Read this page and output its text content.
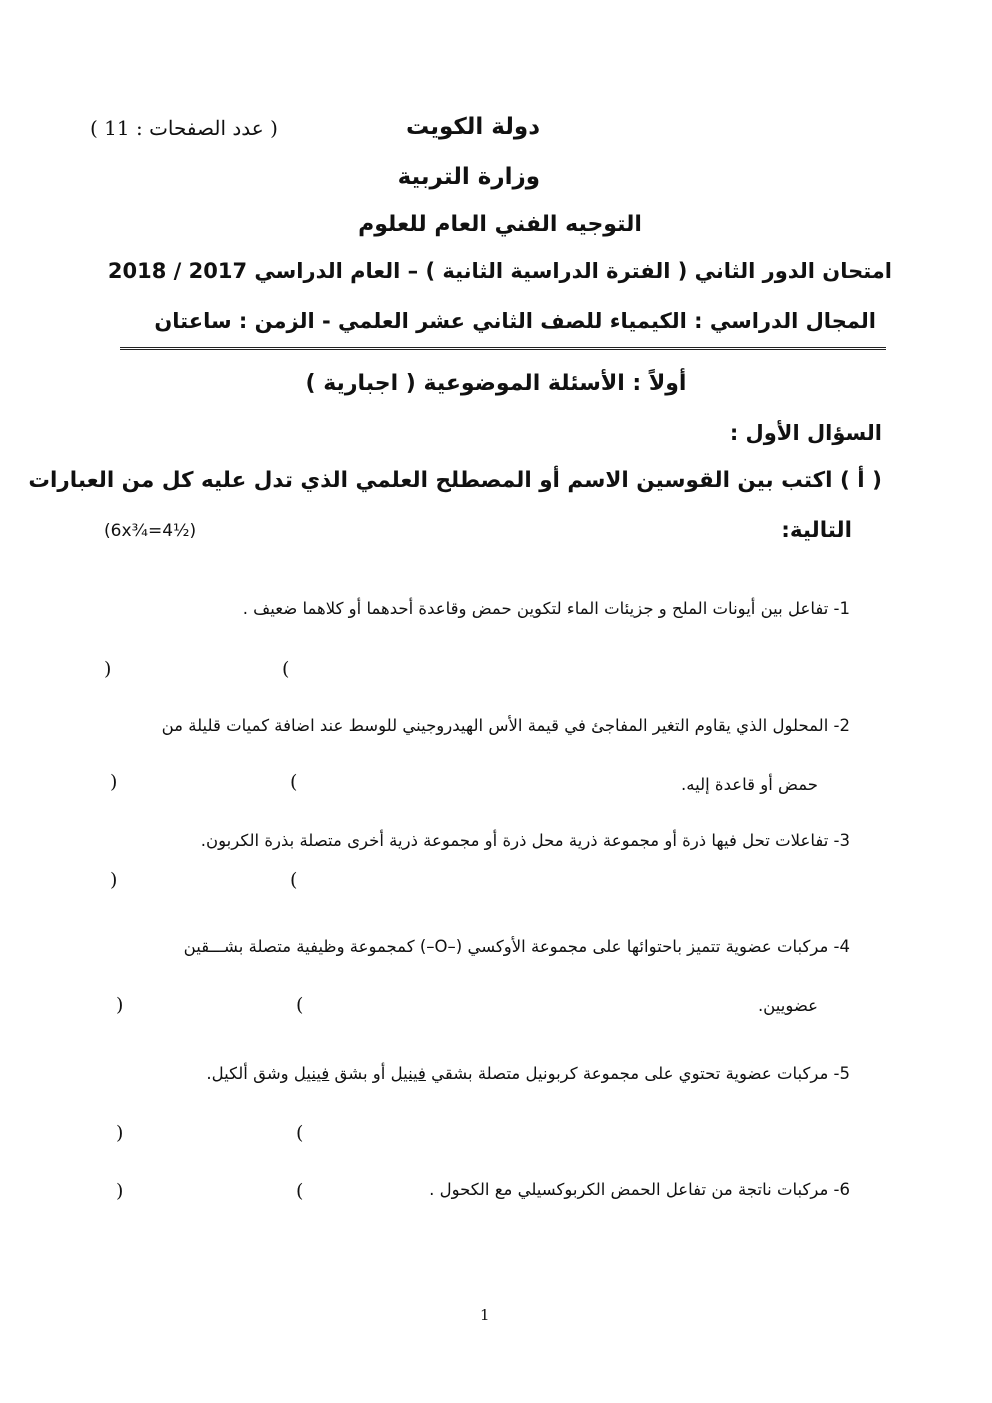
دولة الكويت
( عدد الصفحات : 11 )
وزارة التربية
التوجيه الفني العام للعلوم
امتحان الدور الثاني ( الفترة الدراسية الثانية ) – العام الدراسي 2017 / 2018
المجال الدراسي : الكيمياء للصف الثاني عشر العلمي - الزمن : ساعتان
أولاً : الأسئلة الموضوعية ( اجبارية )
السؤال الأول :
( أ ) اكتب بين القوسين الاسم أو المصطلح العلمي الذي تدل عليه كل من العبارات
التالية:
(6x¾=4½)
1- تفاعل بين أيونات الملح و جزيئات الماء لتكوين حمض وقاعدة أحدهما أو كلاهما ضعيف .
(
)
2- المحلول الذي يقاوم التغير المفاجئ في قيمة الأس الهيدروجيني للوسط عند اضافة كميات قليلة من
حمض أو قاعدة إليه.
(
)
3- تفاعلات تحل فيها ذرة أو مجموعة ذرية محل ذرة أو مجموعة ذرية أخرى متصلة بذرة الكربون.
(
)
4- مركبات عضوية تتميز باحتوائها على مجموعة الأوكسي (–O–) كمجموعة وظيفية متصلة بشـــقين
عضويين.
(
)
5- مركبات عضوية تحتوي على مجموعة كربونيل متصلة بشقي فينيل أو بشق فينيل وشق ألكيل.
(
)
6- مركبات ناتجة من تفاعل الحمض الكربوكسيلي مع الكحول .
(
)
1
